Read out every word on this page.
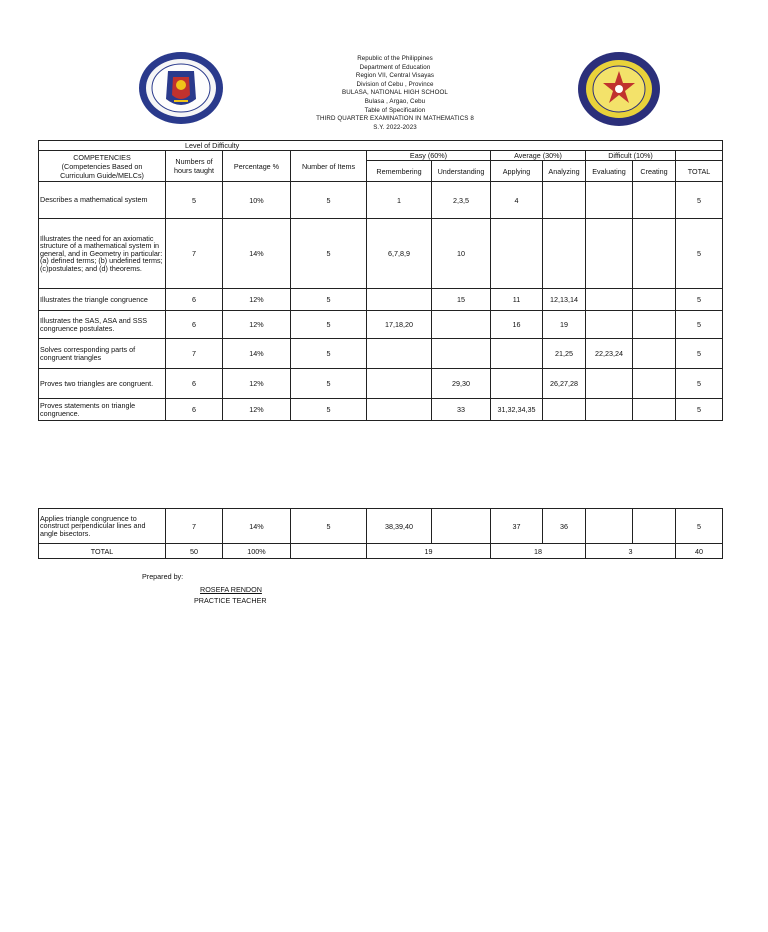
Republic of the Philippines
Department of Education
Region VII, Central Visayas
Division of Cebu , Province
BULASA, NATIONAL HIGH SCHOOL
Bulasa , Argao, Cebu
Table of Specification
THIRD QUARTER EXAMINATION IN MATHEMATICS 8
S.Y. 2022-2023
Level of Difficulty										

COMPETENCIES
(Competencies Based on
Curriculum Guide/MELCs)	Numbers of hours taught	Percentage %	Number of Items	Easy (60%)		Average (30%)		Difficult (10%)		
				Remembering	Understanding	Applying	Analyzing	Evaluating	Creating	TOTAL
Describes a mathematical system	5	10%	5	1	2,3,5	4				5
Illustrates the need for an axiomatic structure of a mathematical system in general, and in Geometry in particular: (a) defined terms; (b) undefined terms; (c)postulates; and (d) theorems.	7	14%	5	6,7,8,9	10					5
Illustrates the triangle congruence	6	12%	5		15	11	12,13,14			5
Illustrates the SAS, ASA and SSS congruence postulates.	6	12%	5	17,18,20		16	19			5
Solves corresponding parts of congruent triangles	7	14%	5				21,25	22,23,24		5
Proves two triangles are congruent.	6	12%	5		29,30		26,27,28			5
Proves statements on triangle congruence.	6	12%	5		33	31,32,34,35				5
Applies triangle congruence to construct perpendicular lines and angle bisectors.	7	14%	5	38,39,40		37	36			5
TOTAL	50	100%		19		18		3		40
Prepared by:
ROSEFA RENDON
PRACTICE TEACHER
